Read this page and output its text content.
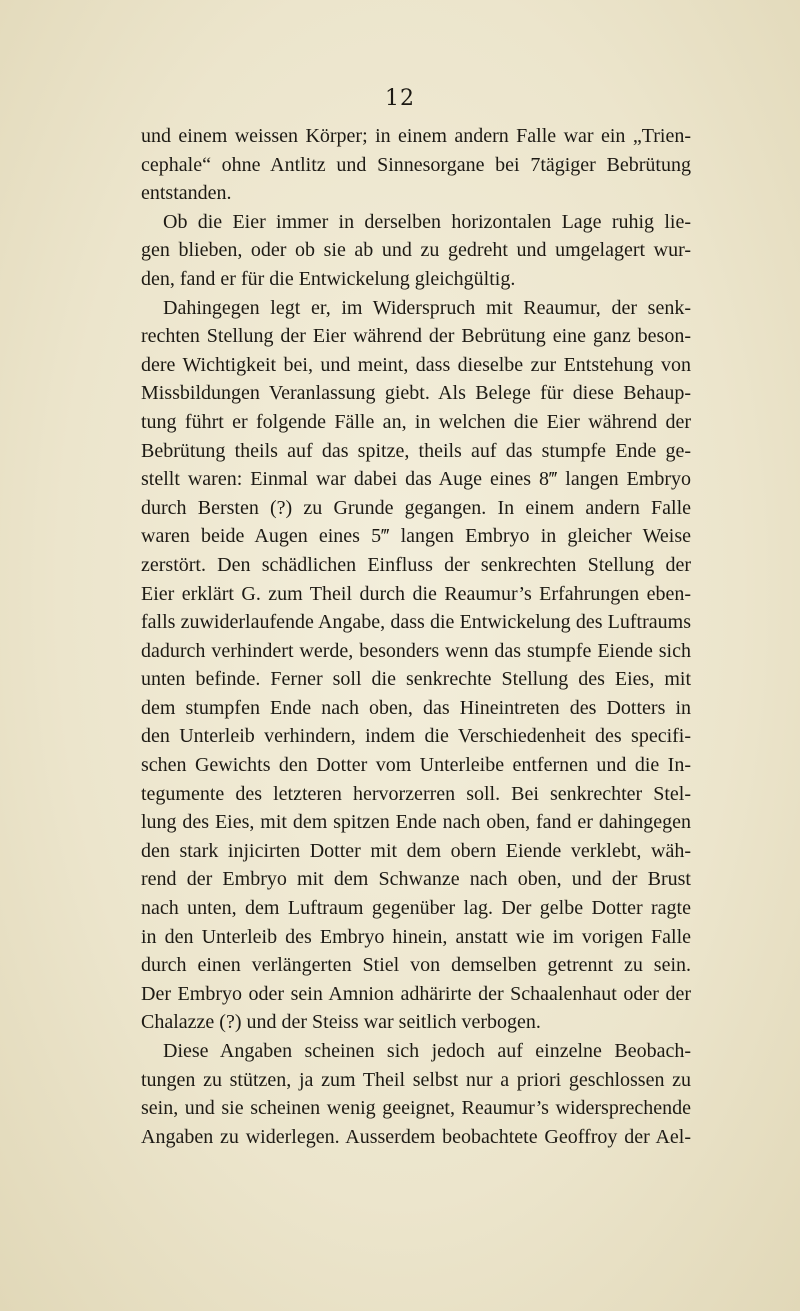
12
und einem weissen Körper; in einem andern Falle war ein „Trien-
cephale“ ohne Antlitz und Sinnesorgane bei 7tägiger Bebrütung
entstanden.
Ob die Eier immer in derselben horizontalen Lage ruhig lie-
gen blieben, oder ob sie ab und zu gedreht und umgelagert wur-
den, fand er für die Entwickelung gleichgültig.
Dahingegen legt er, im Widerspruch mit Reaumur, der senk-
rechten Stellung der Eier während der Bebrütung eine ganz beson-
dere Wichtigkeit bei, und meint, dass dieselbe zur Entstehung von
Missbildungen Veranlassung giebt. Als Belege für diese Behaup-
tung führt er folgende Fälle an, in welchen die Eier während der
Bebrütung theils auf das spitze, theils auf das stumpfe Ende ge-
stellt waren: Einmal war dabei das Auge eines 8‴ langen Embryo
durch Bersten (?) zu Grunde gegangen. In einem andern Falle
waren beide Augen eines 5‴ langen Embryo in gleicher Weise
zerstört. Den schädlichen Einfluss der senkrechten Stellung der
Eier erklärt G. zum Theil durch die Reaumur’s Erfahrungen eben-
falls zuwiderlaufende Angabe, dass die Entwickelung des Luftraums
dadurch verhindert werde, besonders wenn das stumpfe Eiende sich
unten befinde. Ferner soll die senkrechte Stellung des Eies, mit
dem stumpfen Ende nach oben, das Hineintreten des Dotters in
den Unterleib verhindern, indem die Verschiedenheit des specifi-
schen Gewichts den Dotter vom Unterleibe entfernen und die In-
tegumente des letzteren hervorzerren soll. Bei senkrechter Stel-
lung des Eies, mit dem spitzen Ende nach oben, fand er dahingegen
den stark injicirten Dotter mit dem obern Eiende verklebt, wäh-
rend der Embryo mit dem Schwanze nach oben, und der Brust
nach unten, dem Luftraum gegenüber lag. Der gelbe Dotter ragte
in den Unterleib des Embryo hinein, anstatt wie im vorigen Falle
durch einen verlängerten Stiel von demselben getrennt zu sein.
Der Embryo oder sein Amnion adhärirte der Schaalenhaut oder der
Chalazze (?) und der Steiss war seitlich verbogen.
Diese Angaben scheinen sich jedoch auf einzelne Beobach-
tungen zu stützen, ja zum Theil selbst nur a priori geschlossen zu
sein, und sie scheinen wenig geeignet, Reaumur’s widersprechende
Angaben zu widerlegen. Ausserdem beobachtete Geoffroy der Ael-
